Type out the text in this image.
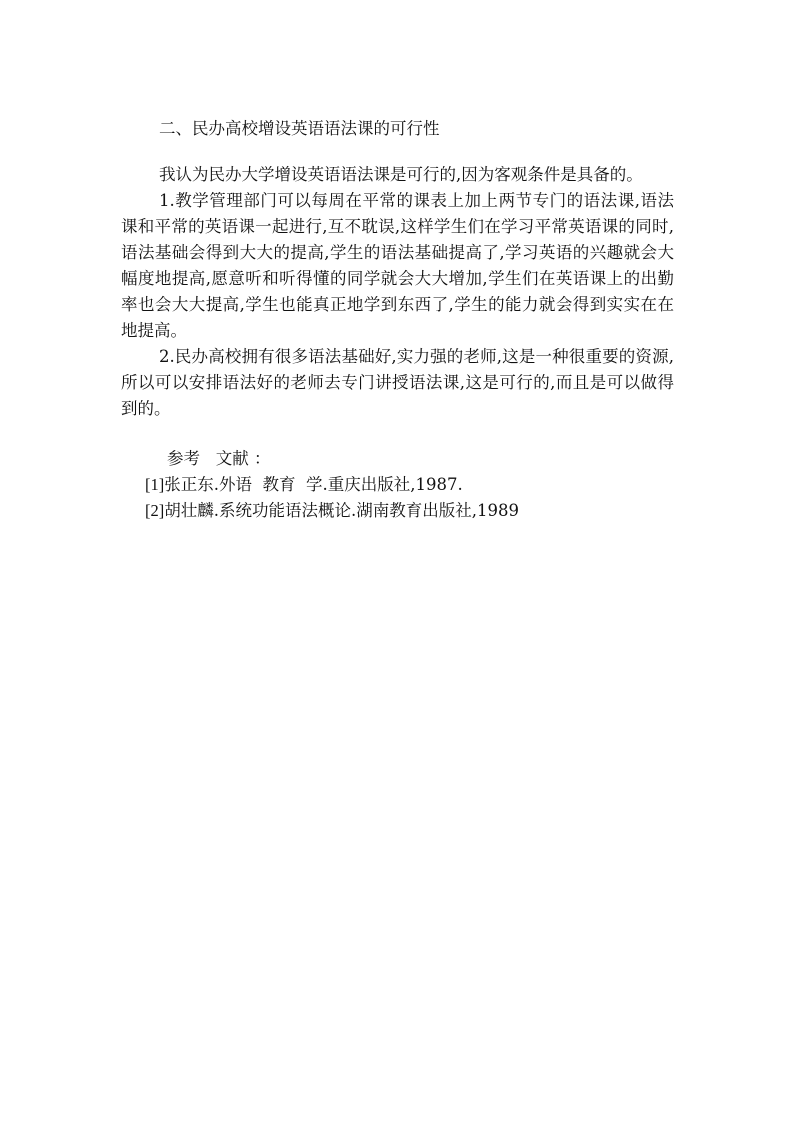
二、民办高校增设英语语法课的可行性

我认为民办大学增设英语语法课是可行的,因为客观条件是具备的。

1.教学管理部门可以每周在平常的课表上加上两节专门的语法课,语法课和平常的英语课一起进行,互不耽误,这样学生们在学习平常英语课的同时,语法基础会得到大大的提高,学生的语法基础提高了,学习英语的兴趣就会大幅度地提高,愿意听和听得懂的同学就会大大增加,学生们在英语课上的出勤率也会大大提高,学生也能真正地学到东西了,学生的能力就会得到实实在在地提高。

2.民办高校拥有很多语法基础好,实力强的老师,这是一种很重要的资源,所以可以安排语法好的老师去专门讲授语法课,这是可行的,而且是可以做得到的。

参考   文献 ：

[1]张正东.外语  教育  学.重庆出版社,1987.

[2]胡壮麟.系统功能语法概论.湖南教育出版社,1989
